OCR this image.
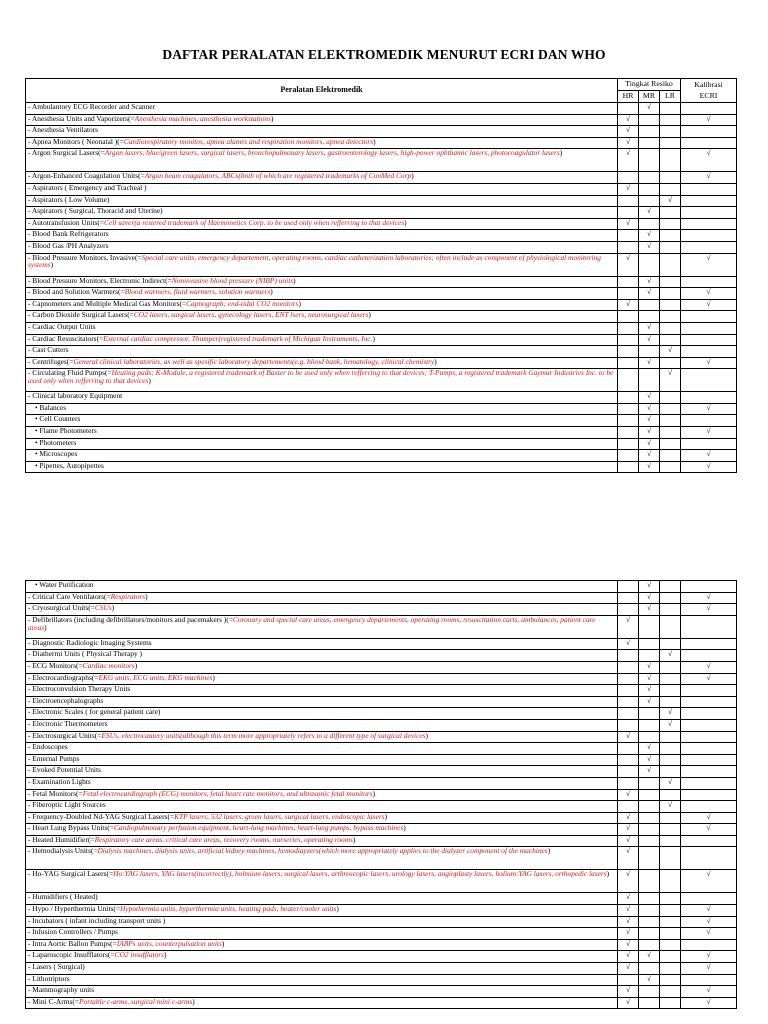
DAFTAR PERALATAN ELEKTROMEDIK MENURUT ECRI DAN WHO
Peralatan Elektromedik	Tingkat Resiko			Kalibrasi
	HR	MR	LR	ECRI
- Ambulantory ECG Recorder and Scanner		√		
- Anesthesia Units and Vaporizers(=Anesthesia machines, anesthesia workstations)	√			√
- Anesthesia Ventilators	√			
- Apnea Monitors ( Neonatal )(=Cardiorespiratory monitos, apnea alamrs and respiration monitors, apnea detectors)	√			
- Argon Surgical Lasers(=Argon lasers, blue/green lasers, surgical lasers, bronchopulmonary lasers, gastroenterology lasers, high-power ophthamic lasers, photocoagulator lasers)	√			√
- Argon-Enhanced Coagulation Units(=Argon beam coagulators, ABCs(both of which are registered trademarks of ConMed Corp)				√
- Aspirators ( Emergency and Tracheal )	√			
- Aspirators ( Low Volume)			√	
- Aspirators ( Surgical, Thoracid and Uterine)		√		
- Autotransfusion Units(=Cell saver(a restered trademark of Haemonetics Corp. to be used only when refferring to that devices)	√			
- Blood Bank Refrigerators		√		
- Blood Gas /PH Analyzers		√		
- Blood Pressure Monitors, Invasive(=Special care units, emergency departement, operating rooms, cardiac catheterization laboratories; often include as component of physiological monitoring systems)	√			√
- Blood Pressure Monitors, Electronic Indirect(=Noninvasive blood pressure (NIBP) units)		√		
- Blood and Solution Warmers(=Blood warmers, fluid warmers, solution warmers)		√		√
- Capnometers and Multiple Medical Gas Monitors(=Capnograph; end-tidal CO2 monitors)	√			√
- Carbon Dioxide Surgical Lasers(=CO2 lasers, surgical lasers, gynecology lasers, ENT lsers, neurosurgical lasers)				
- Cardiac Output Units		√		
- Cardiac Resuscitators(=External cardiac compressor, Thumper(registered trademark of Michigan Instruments, Inc.)		√		
- Cast Cutters			√	
- Centrifuges(=General clinical laboratories, as well as spesific laboratory departements(e.g. blood bank, hematology, clinical chemistry)		√		√
- Circulating Fluid Pumps(=Heating pads; K-Module, a registered trademark of Baxter to be used only when refferring to that devices; T-Pumps, a registered trademark Gaymar Industries Inc. to be used only when refferring to that devices)			√	
- Clinical laboratory Equipment		√		
• Balances		√		√
• Cell Counters		√		
• Flame Photometers		√		√
• Photometers		√		
• Microscopes		√		√
• Pipettes, Autopipettes		√		√
• Water Purification		√		
- Critical Care Ventilators(=Respirators)		√		√
- Cryosurgical Units(=CSUs)		√		√
- Defibrillators (including defibrillators/monitors and pacemakers )(=Coronary and special care areas, emergency departements, operating rooms, resuscitation carts, ambulances, patient care areas)	√			
- Diagnostic Radiologic Imaging Systems	√			
- Diathermi Units ( Physical Therapy )			√	
- ECG Monitors(=Cardiac monitors)		√		√
- Electrocardiographs(=EKG units, ECG units, EKG machines)		√		√
- Electroconvulsion Therapy Units		√		
- Electroencephalographs		√		
- Electronic Scales ( for general patient care)			√	
- Electronic Thermometers			√	
- Electrosurgical Units(=ESUs, electrocautery units(although this term more appropriately refers to a different type of surgical devices)	√			
- Endoscopes		√		
- Enternal Pumps		√		
- Evoked Potential Units		√		
- Examination Lights			√	
- Fetal Monitors(=Fetal electrocardiograph (ECG) monitors, fetal heart rate monitors, and ultrasonic fetal monitors)	√			
- Fiberoptic Light Sources			√	
- Frequency-Doubled Nd-YAG Surgical Lasers(=KTP lasers, 532 lasers, green lasers, surgical lasers, endoscopic lasers)	√			√
- Heart Lung Bypass Units(=Cardiopulmonary perfusion equipment, heart-lung machines, heart-lung pumps, bypass machines)	√			√
- Heated Humidifier(=Respiratory care areas, critical care areas, recovery rooms, nurseries, operating rooms)	√			
- Hemodialysis Units(=Dialysis machines, dialysis units, artificial kidney machines, hemodiayzers(which more appropriately applies to the dialyzer component of the machines)	√			
- Ho-YAG Surgical Lasers(=Ho:YAG lasers, YAG lasers(incorrectly), holmium lasers, surgical lasers, arthroscopic lasers, urology lasers, angioplasty lasers, holium:YAG lasers, orthopedic lasers)	√			√
- Humidifiers ( Heated)	√			
- Hypo / Hyperthermia Units(=Hypothermia units, hyperthermia units, heating pads, heater/cooler units)	√			√
- Incubators ( infant including transport units )	√			√
- Infusion Controllers / Pumps	√			√
- Intra Aortic Ballon Pumps(=IABPs units, counterpulsation units)	√			
- Laparoscopic Insufflators(=CO2 insufflators)	√	√		√
- Lasers ( Surgical)	√			√
- Lithotriptors		√		
- Mammography units	√			√
- Mini C-Arms(=Portable c-arms, surgical mini c-arms)	√			√
